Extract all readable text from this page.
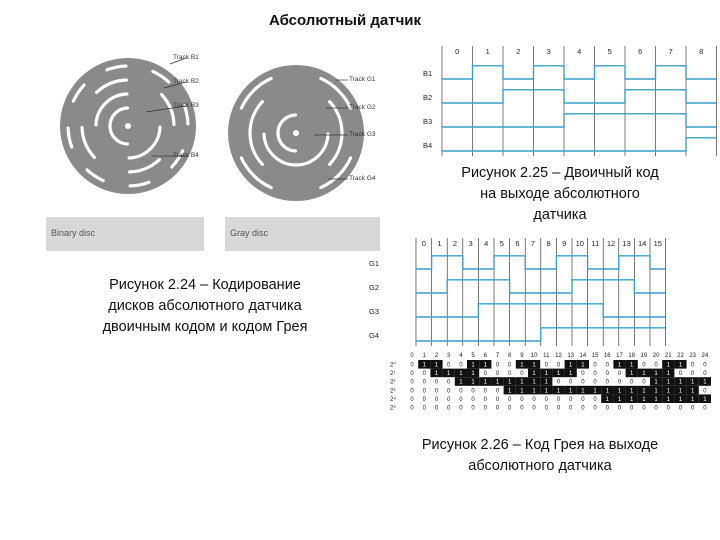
Абсолютный датчик
Track B1
Track B2
Track B3
Track B4
Track G1
Track G2
Track G3
Track G4
Binary disc	Gray disc
Рисунок 2.24 – Кодирование
дисков абсолютного датчика
двоичным кодом и кодом Грея
0	1	2	3	4	5	6	7	8
B1
B2
B3
B4
Рисунок 2.25 – Двоичный код
на выходе абсолютного
датчика
0 1 2 3 4 5 6 7 8 9 10 11 12 13 14 15
G1
G2
G3
G4
0 1 2 3 4 5 6 7 8 9 10 11 12 13 14 15 16 17 18 19 20 21 22 23 24
2⁰ 0 1 1 0 0 1 1 0 0 1 1 0 0 1 1 0 0 1 1 0 0 1 1 0 0
2¹	0 0 1 1 1 1 0 0 0 0 1 1 1 1 0 0 0 0 1 1 1 1 0 0 0
2²	0 0 0 0 1 1 1 1 1 1 1 1 0 0 0 0 0 0 0 0 1 1 1 1 1
2³	0 0 0 0 0 0 0 0 1 1 1 1 1 1 1 1 1 1 1 1 1 1 1 1 0
2⁴ 0 0 0 0 0 0 0 0 0 0 0 0 0 0 0 0 1 1 1 1 1 1 1 1 1
2⁵ 0 0 0 0 0 0 0 0 0 0 0 0 0 0 0 0 0 0 0 0 0 0 0 0 0
Рисунок 2.26 – Код Грея на выходе
абсолютного датчика
